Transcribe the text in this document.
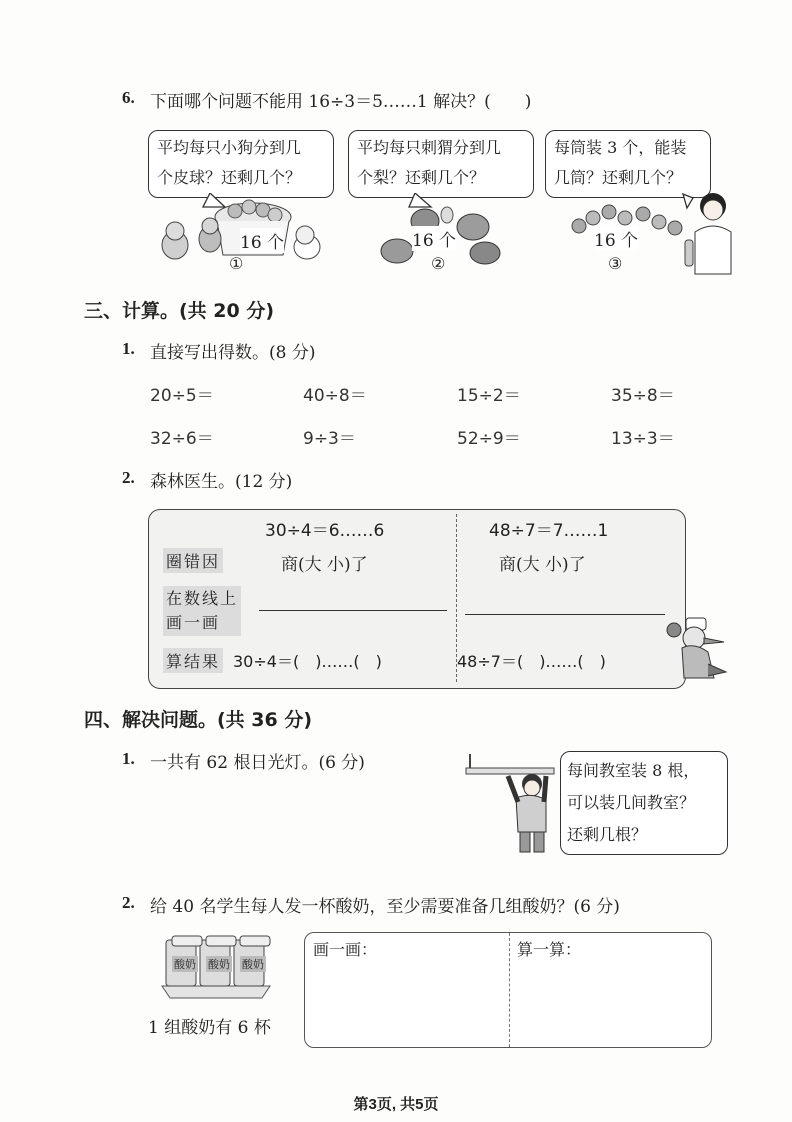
6. 下面哪个问题不能用 16÷3＝5……1 解决？(　　)
平均每只小狗分到几
个皮球？还剩几个？
16 个
①
平均每只刺猬分到几
个梨？还剩几个？
16 个
②
每筒装 3 个，能装
几筒？还剩几个？
16 个
③
三、计算。(共 20 分)
1. 直接写出得数。(8 分)
20÷5＝	40÷8＝	15÷2＝	35÷8＝
32÷6＝	9÷3＝	52÷9＝	13÷3＝
2. 森林医生。(12 分)
30÷4＝6……6	48÷7＝7……1
圈错因	商(大 小)了	商(大 小)了
在数线上
画一画
算结果 30÷4＝(　)……(　)	48÷7＝(　)……(　)
四、解决问题。(共 36 分)
1. 一共有 62 根日光灯。(6 分)	每间教室装 8 根，
可以装几间教室？
还剩几根？
2. 给 40 名学生每人发一杯酸奶，至少需要准备几组酸奶？(6 分)
酸奶 酸奶 酸奶
1 组酸奶有 6 杯
画一画：	算一算：
第3页, 共5页
